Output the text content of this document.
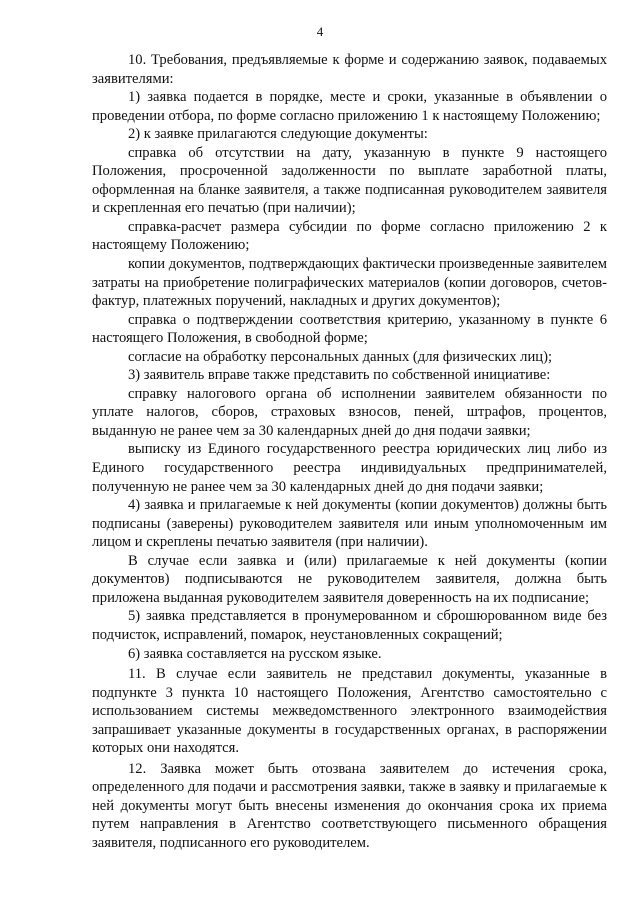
4

10. Требования, предъявляемые к форме и содержанию заявок, подаваемых заявителями:

1) заявка подается в порядке, месте и сроки, указанные в объявлении о проведении отбора, по форме согласно приложению 1 к настоящему Положению;

2) к заявке прилагаются следующие документы:

справка об отсутствии на дату, указанную в пункте 9 настоящего Положения, просроченной задолженности по выплате заработной платы, оформленная на бланке заявителя, а также подписанная руководителем заявителя и скрепленная его печатью (при наличии);

справка-расчет размера субсидии по форме согласно приложению 2 к настоящему Положению;

копии документов, подтверждающих фактически произведенные заявителем затраты на приобретение полиграфических материалов (копии договоров, счетов-фактур, платежных поручений, накладных и других документов);

справка о подтверждении соответствия критерию, указанному в пункте 6 настоящего Положения, в свободной форме;

согласие на обработку персональных данных (для физических лиц);

3) заявитель вправе также представить по собственной инициативе:

справку налогового органа об исполнении заявителем обязанности по уплате налогов, сборов, страховых взносов, пеней, штрафов, процентов, выданную не ранее чем за 30 календарных дней до дня подачи заявки;

выписку из Единого государственного реестра юридических лиц либо из Единого государственного реестра индивидуальных предпринимателей, полученную не ранее чем за 30 календарных дней до дня подачи заявки;

4) заявка и прилагаемые к ней документы (копии документов) должны быть подписаны (заверены) руководителем заявителя или иным уполномоченным им лицом и скреплены печатью заявителя (при наличии).

В случае если заявка и (или) прилагаемые к ней документы (копии документов) подписываются не руководителем заявителя, должна быть приложена выданная руководителем заявителя доверенность на их подписание;

5) заявка представляется в пронумерованном и сброшюрованном виде без подчисток, исправлений, помарок, неустановленных сокращений;

6) заявка составляется на русском языке.

11. В случае если заявитель не представил документы, указанные в подпункте 3 пункта 10 настоящего Положения, Агентство самостоятельно с использованием системы межведомственного электронного взаимодействия запрашивает указанные документы в государственных органах, в распоряжении которых они находятся.

12. Заявка может быть отозвана заявителем до истечения срока, определенного для подачи и рассмотрения заявки, также в заявку и прилагаемые к ней документы могут быть внесены изменения до окончания срока их приема путем направления в Агентство соответствующего письменного обращения заявителя, подписанного его руководителем.
